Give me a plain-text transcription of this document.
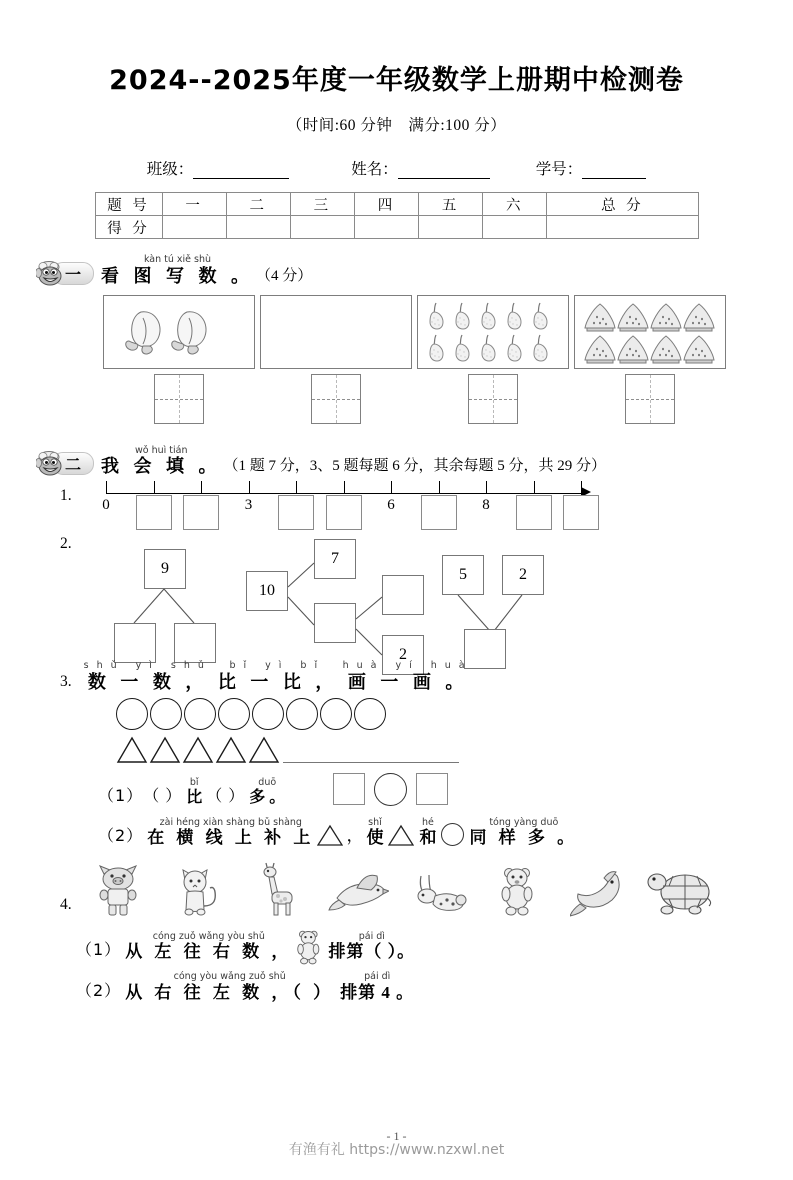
2024--2025年度一年级数学上册期中检测卷
（时间:60 分钟　满分:100 分）
班级：	姓名：	学号：
题 号	一	二	三	四	五	六	总 分
得 分							
一
kàn tú xiě shù
看 图 写 数 。 （4 分）
二
wǒ huì tián
我 会 填 。 （1 题 7 分，3、5 题每题 6 分，其余每题 5 分，共 29 分）
1.
0	3	6	8
2.
9
10
7
2
5	2
3.
shǔ yì shǔ　 bǐ yì bǐ　 huà yí huà
数 一 数 ， 比 一 比 ， 画 一 画 。
（1） （ ）
bǐ
比 （ ）
duō
多 。
（2）
zài héng xiàn shàng bǔ shàng
在 横 线 上 补 上 ，
shǐ
使
hé
和
tóng yàng duō
同 样 多 。
4.
（1）
cóng zuǒ wǎng yòu shǔ
从 左 往 右 数 ，
pái dì
排第（ ）。
（2）
cóng yòu wǎng zuǒ shǔ
从 右 往 左 数 ，（ ）
pái dì
排第 4 。
- 1 -
有渔有礼 https://www.nzxwl.net
